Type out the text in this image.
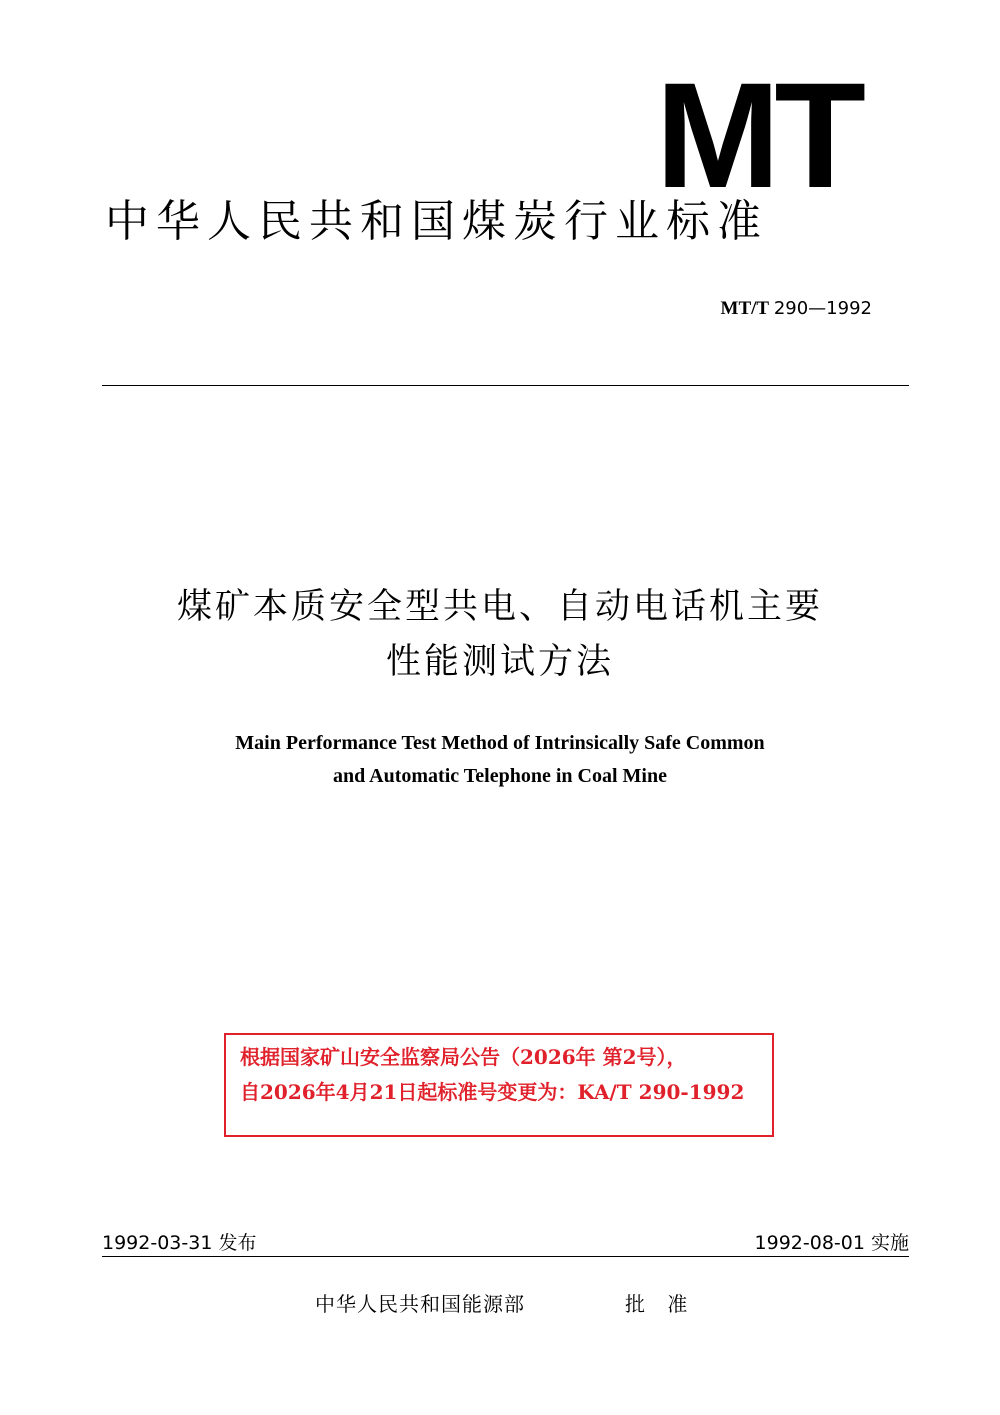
MT
中华人民共和国煤炭行业标准
MT/T 290—1992
煤矿本质安全型共电、自动电话机主要
性能测试方法
Main Performance Test Method of Intrinsically Safe Common
and Automatic Telephone in Coal Mine
根据国家矿山安全监察局公告（2026年 第2号），
自2026年4月21日起标准号变更为：KA/T 290-1992
1992-03-31 发布	1992-08-01 实施
中华人民共和国能源部	批 准
